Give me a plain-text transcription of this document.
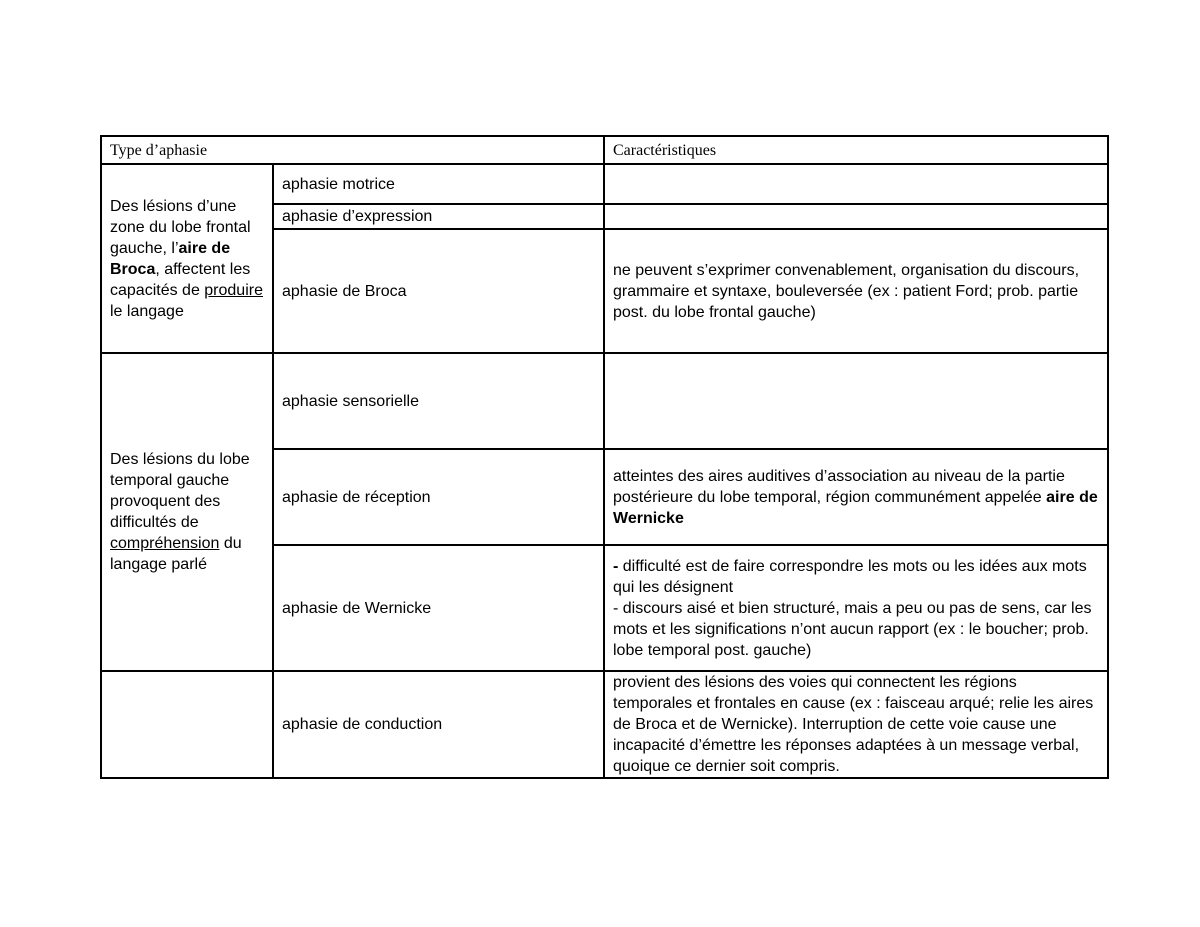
Type d’aphasie		Caractéristiques
Des lésions d’une zone du lobe frontal gauche, l’aire de Broca, affectent les capacités de produire le langage	aphasie motrice	
	aphasie d’expression	
	aphasie de Broca	ne peuvent s’exprimer convenablement, organisation du discours, grammaire et syntaxe, bouleversée (ex : patient Ford; prob. partie post. du lobe frontal gauche)
Des lésions du lobe temporal gauche provoquent des difficultés de compréhension du langage parlé	aphasie sensorielle	
	aphasie de réception	atteintes des aires auditives d’association au niveau de la partie postérieure du lobe temporal, région communément appelée aire de Wernicke
	aphasie de Wernicke	- difficulté est de faire correspondre les mots ou les idées aux mots qui les désignent
- discours aisé et bien structuré, mais a peu ou pas de sens, car les mots et les significations n’ont aucun rapport (ex : le boucher; prob. lobe temporal post. gauche)
	aphasie de conduction	provient des lésions des voies qui connectent les régions temporales et frontales en cause (ex : faisceau arqué; relie les aires de Broca et de Wernicke). Interruption de cette voie cause une incapacité d’émettre les réponses adaptées à un message verbal, quoique ce dernier soit compris.
